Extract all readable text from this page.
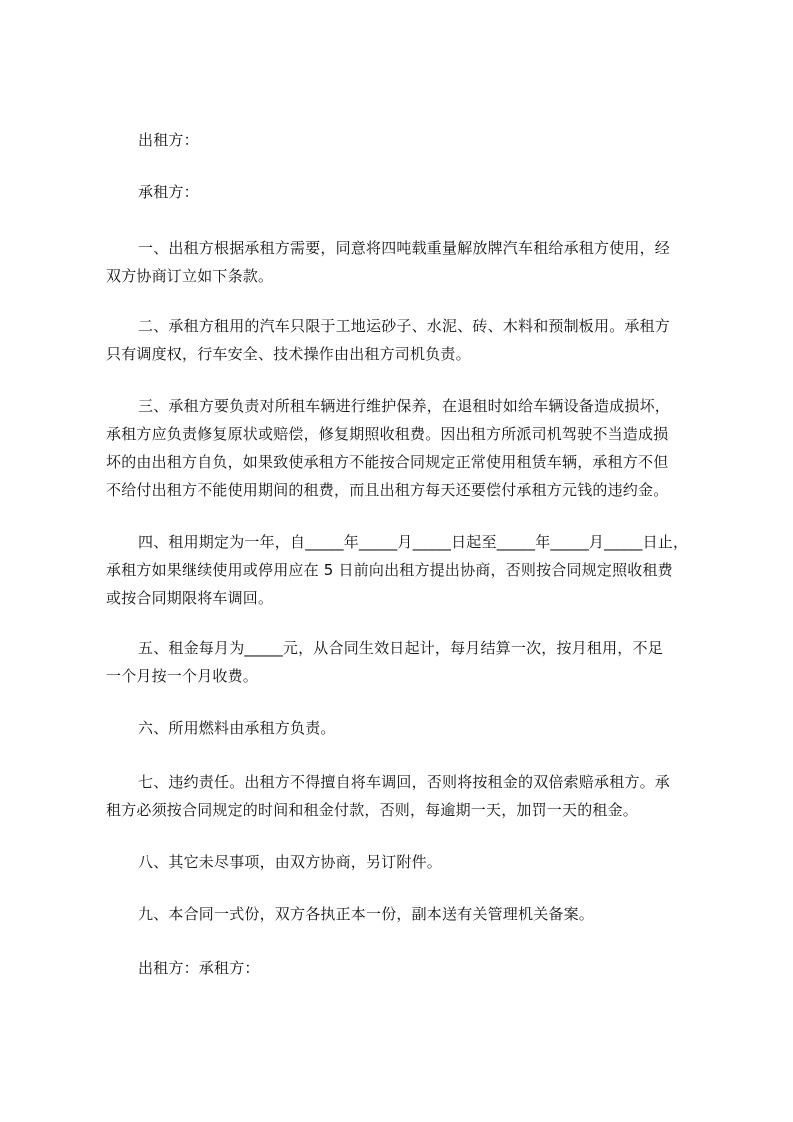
出租方：
承租方：
一、出租方根据承租方需要，同意将四吨载重量解放牌汽车租给承租方使用，经
双方协商订立如下条款。
二、承租方租用的汽车只限于工地运砂子、水泥、砖、木料和预制板用。承租方
只有调度权，行车安全、技术操作由出租方司机负责。
三、承租方要负责对所租车辆进行维护保养，在退租时如给车辆设备造成损坏，
承租方应负责修复原状或赔偿，修复期照收租费。因出租方所派司机驾驶不当造成损
坏的由出租方自负，如果致使承租方不能按合同规定正常使用租赁车辆，承租方不但
不给付出租方不能使用期间的租费，而且出租方每天还要偿付承租方元钱的违约金。
四、租用期定为一年，自_____年_____月_____日起至_____年_____月_____日止，
承租方如果继续使用或停用应在 5 日前向出租方提出协商，否则按合同规定照收租费
或按合同期限将车调回。
五、租金每月为_____元，从合同生效日起计，每月结算一次，按月租用，不足
一个月按一个月收费。
六、所用燃料由承租方负责。
七、违约责任。出租方不得擅自将车调回，否则将按租金的双倍索赔承租方。承
租方必须按合同规定的时间和租金付款，否则，每逾期一天，加罚一天的租金。
八、其它未尽事项，由双方协商，另订附件。
九、本合同一式份，双方各执正本一份，副本送有关管理机关备案。
出租方：承租方：
